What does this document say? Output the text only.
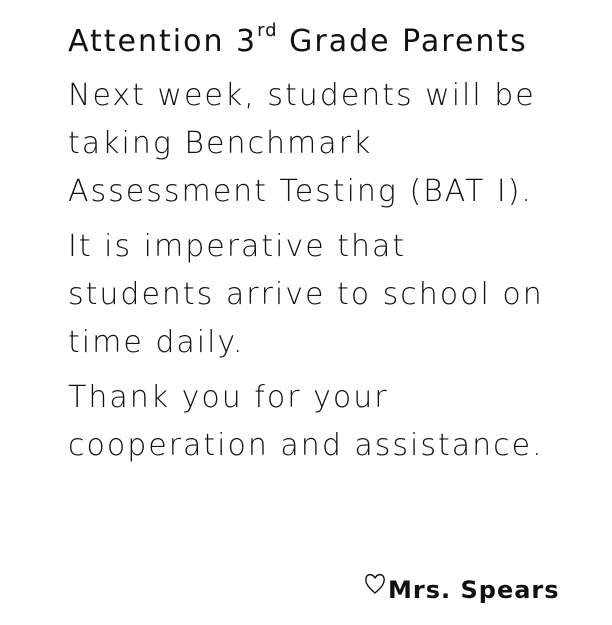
Attention 3rd Grade Parents
Next week, students will be
taking Benchmark
Assessment Testing (BAT I).
It is imperative that
students arrive to school on
time daily.
Thank you for your
cooperation and assistance.
Mrs. Spears
